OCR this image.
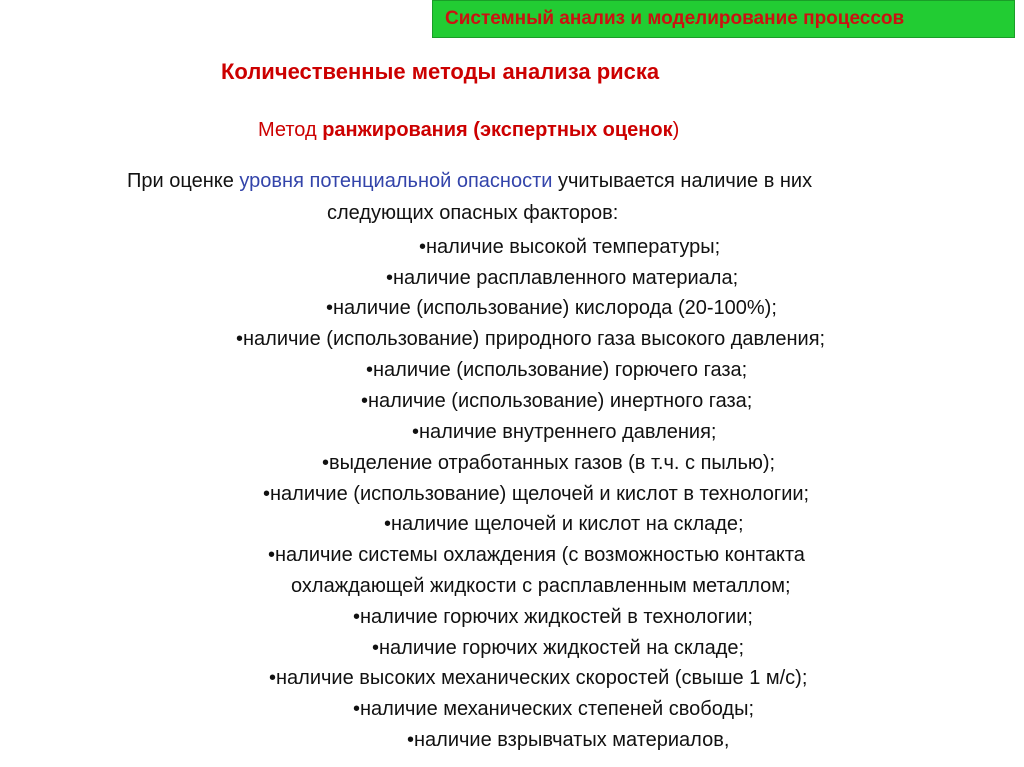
Системный анализ и моделирование процессов
Количественные методы анализа риска
Метод ранжирования (экспертных оценок)
При оценке уровня потенциальной опасности учитывается наличие в них
следующих опасных факторов:
•наличие высокой температуры;
•наличие расплавленного материала;
•наличие (использование) кислорода (20-100%);
•наличие (использование) природного газа высокого давления;
•наличие (использование) горючего газа;
•наличие (использование) инертного газа;
•наличие внутреннего давления;
•выделение отработанных газов (в т.ч. с пылью);
•наличие (использование) щелочей и кислот в технологии;
•наличие щелочей и кислот на складе;
•наличие системы охлаждения (с возможностью контакта
охлаждающей жидкости с расплавленным металлом;
•наличие горючих жидкостей в технологии;
•наличие горючих жидкостей на складе;
•наличие высоких механических скоростей (свыше 1 м/с);
•наличие механических степеней свободы;
•наличие взрывчатых материалов,
